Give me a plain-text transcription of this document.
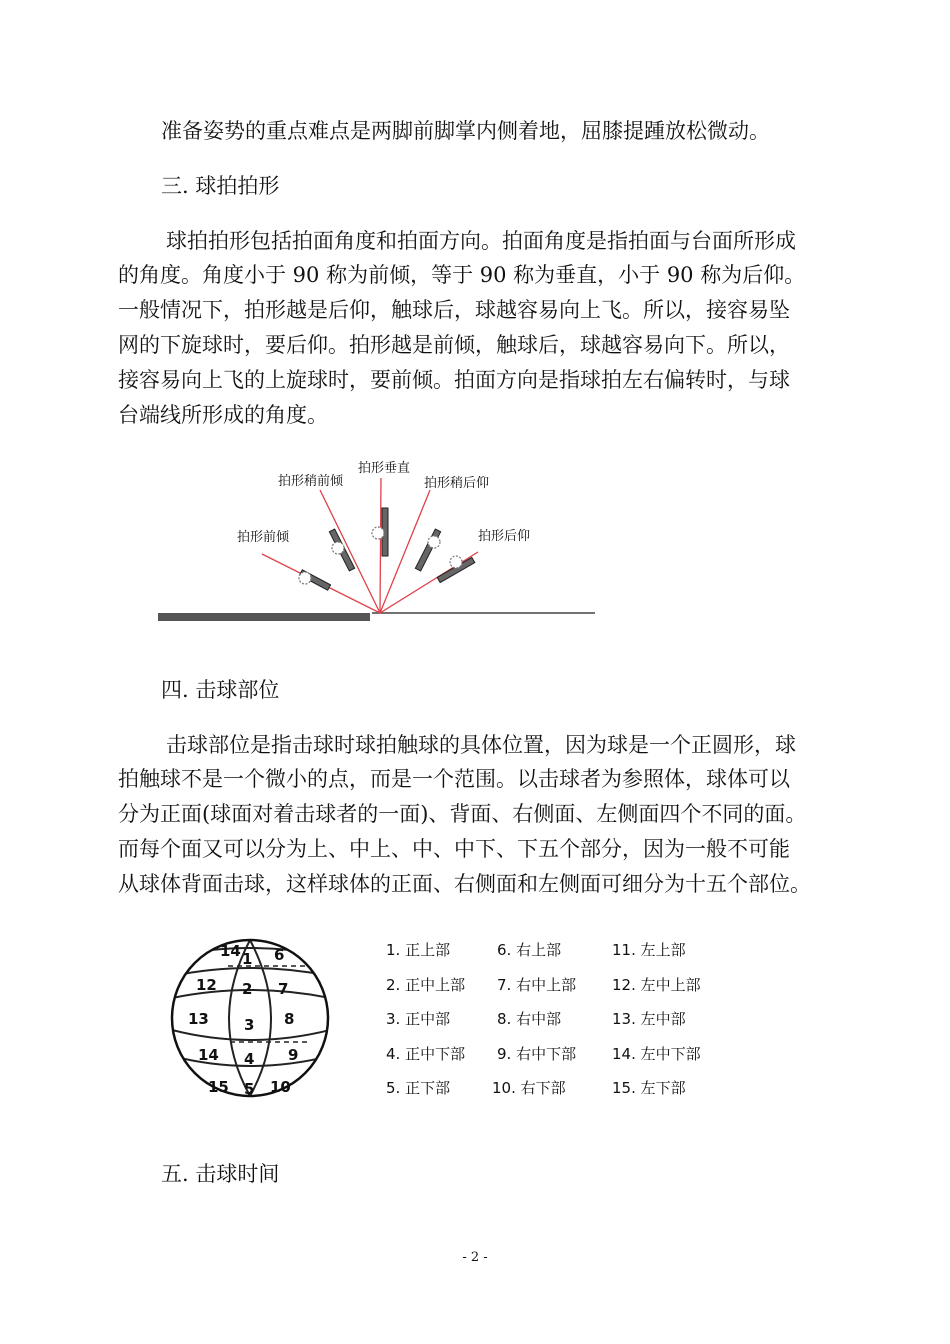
准备姿势的重点难点是两脚前脚掌内侧着地，屈膝提踵放松微动。
三. 球拍拍形
　球拍拍形包括拍面角度和拍面方向。拍面角度是指拍面与台面所形成
的角度。角度小于 90 称为前倾，等于 90 称为垂直，小于 90 称为后仰。
一般情况下，拍形越是后仰，触球后，球越容易向上飞。所以，接容易坠
网的下旋球时，要后仰。拍形越是前倾，触球后，球越容易向下。所以，
接容易向上飞的上旋球时，要前倾。拍面方向是指球拍左右偏转时，与球
台端线所形成的角度。
拍形前倾
拍形稍前倾
拍形垂直
拍形稍后仰
拍形后仰
四. 击球部位
　击球部位是指击球时球拍触球的具体位置，因为球是一个正圆形，球
拍触球不是一个微小的点，而是一个范围。以击球者为参照体，球体可以
分为正面(球面对着击球者的一面)、背面、右侧面、左侧面四个不同的面。
而每个面又可以分为上、中上、中、中下、下五个部分，因为一般不可能
从球体背面击球，这样球体的正面、右侧面和左侧面可细分为十五个部位。
14 1 6
12 2 7
13 3 8
14 4 9
15 5 10
1. 正上部	6. 右上部	11. 左上部
2. 正中上部 7. 右中上部 12. 左中上部
3. 正中部	8. 右中部	13. 左中部
4. 正中下部 9. 右中下部 14. 左中下部
5. 正下部	10. 右下部	15. 左下部
五. 击球时间
- 2 -
